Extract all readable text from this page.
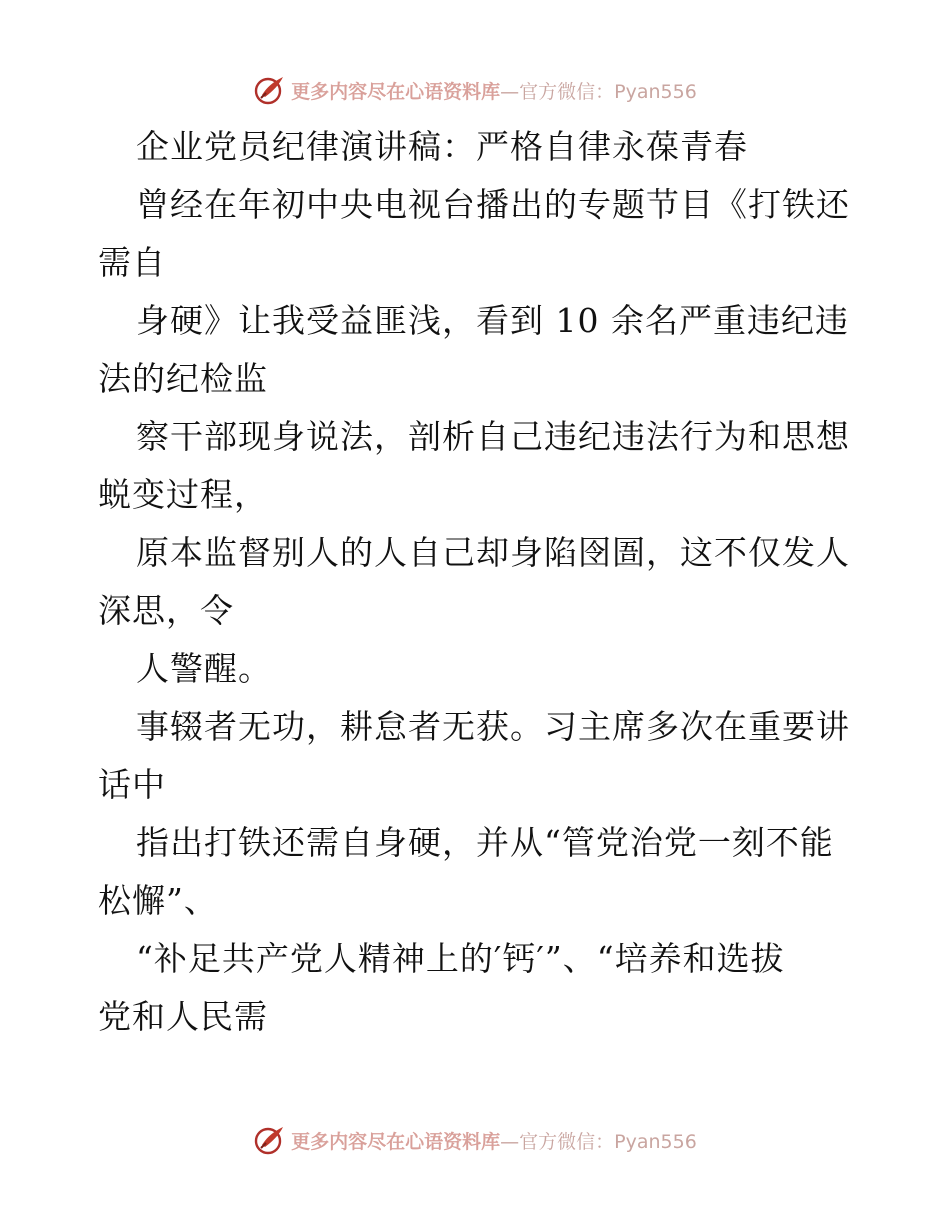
更多内容尽在心语资料库 —官方微信：Pyan556
企业党员纪律演讲稿：严格自律永葆青春
曾经在年初中央电视台播出的专题节目《打铁还
需自
身硬》让我受益匪浅，看到 10 余名严重违纪违
法的纪检监
察干部现身说法，剖析自己违纪违法行为和思想
蜕变过程，
原本监督别人的人自己却身陷囹圄，这不仅发人
深思，令
人警醒。
事辍者无功，耕怠者无获。习主席多次在重要讲
话中
指出打铁还需自身硬，并从“管党治党一刻不能
松懈”、
“补足共产党人精神上的′钙′”、“培养和选拔
党和人民需
更多内容尽在心语资料库 —官方微信：Pyan556
